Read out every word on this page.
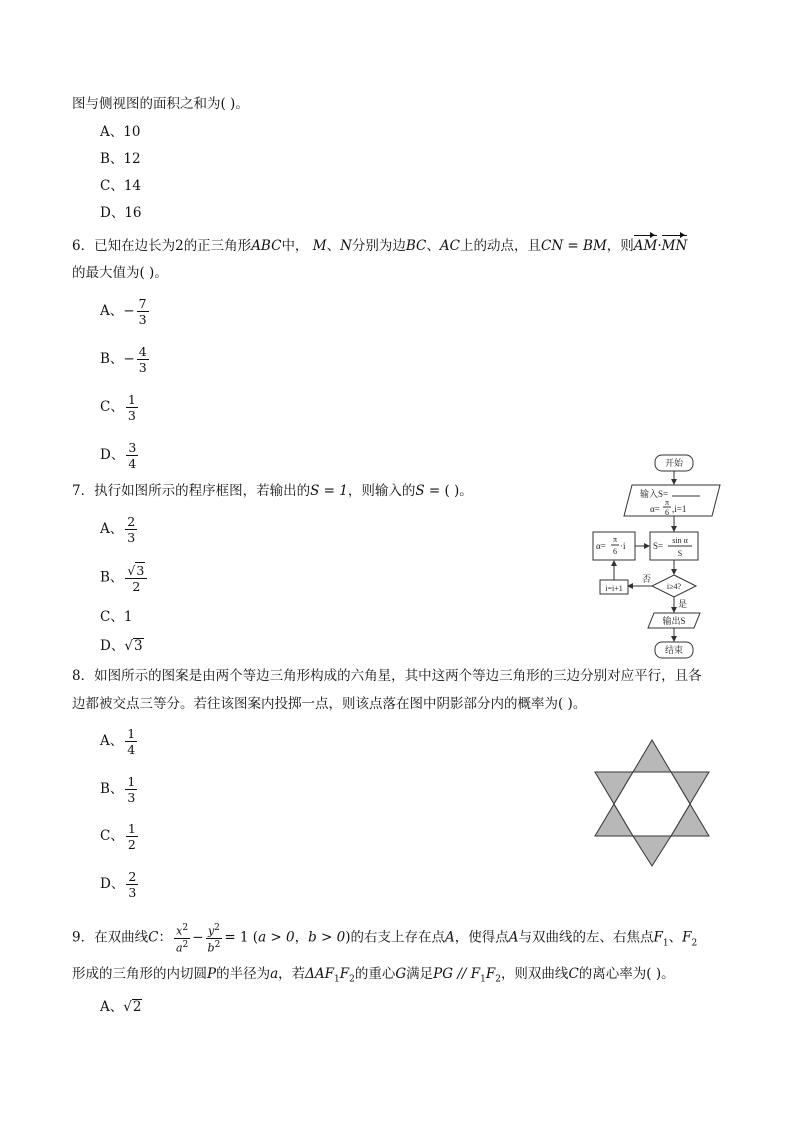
图与侧视图的面积之和为( )。
A、10
B、12
C、14
D、16
6．已知在边长为2的正三角形ABC中， M、N分别为边BC、AC上的动点，且CN = BM，则AM·MN
的最大值为( )。
A、− $\frac{7}{3}$
B、− $\frac{4}{3}$
C、 $\frac{1}{3}$
D、 $\frac{3}{4}$
7．执行如图所示的程序框图，若输出的S = 1，则输入的S = ( )。
A、 $\frac{2}{3}$
B、 $\frac{√3}{2}$
C、1
D、√3
开始
输入S=
α=
π
6 ,i=1
S=
sin α
S
i≥4?
否
i=i+1
α=
π
6
·i
是
输出S
结束
8．如图所示的图案是由两个等边三角形构成的六角星，其中这两个等边三角形的三边分别对应平行，且各
边都被交点三等分。若往该图案内投掷一点，则该点落在图中阴影部分内的概率为( )。
A、 $\frac{1}{4}$
B、 $\frac{1}{3}$
C、 $\frac{1}{2}$
D、 $\frac{2}{3}$
9．在双曲线C： $\frac{x^2}{a^2} - \frac{y^2}{b^2} = 1$ (a > 0，b > 0)的右支上存在点A，使得点A与双曲线的左、右焦点$F_1$、$F_2$
形成的三角形的内切圆P的半径为a，若$\Delta AF_1F_2$的重心G满足PG // $F_1F_2$，则双曲线C的离心率为( )。
A、√2
